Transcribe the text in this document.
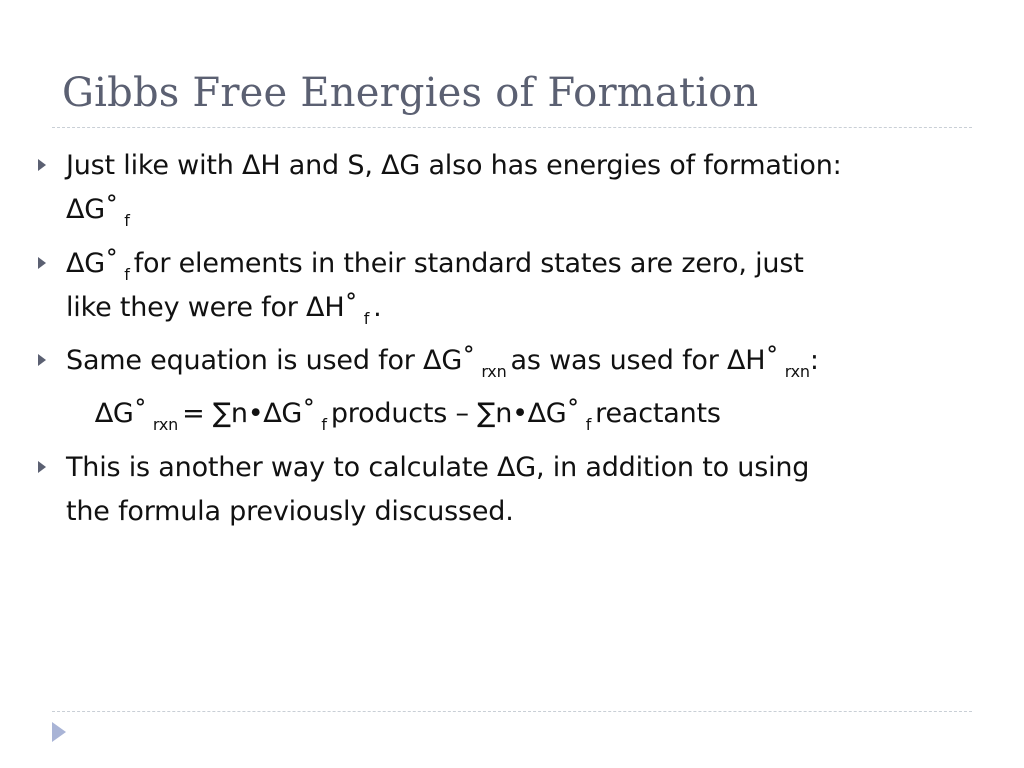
Gibbs Free Energies of Formation
Just like with ΔH and S, ΔG also has energies of formation:
ΔG˚ $_f$
ΔG˚ $_f$ for elements in their standard states are zero, just
like they were for ΔH˚ $_f$ .
Same equation is used for ΔG˚ $_{rxn}$ as was used for ΔH˚ $_{rxn}$:
∆G˚ $_{rxn}$ = ∑n•∆G˚ $_f$ products – ∑n•∆G˚ $_f$ reactants
This is another way to calculate ΔG, in addition to using
the formula previously discussed.
